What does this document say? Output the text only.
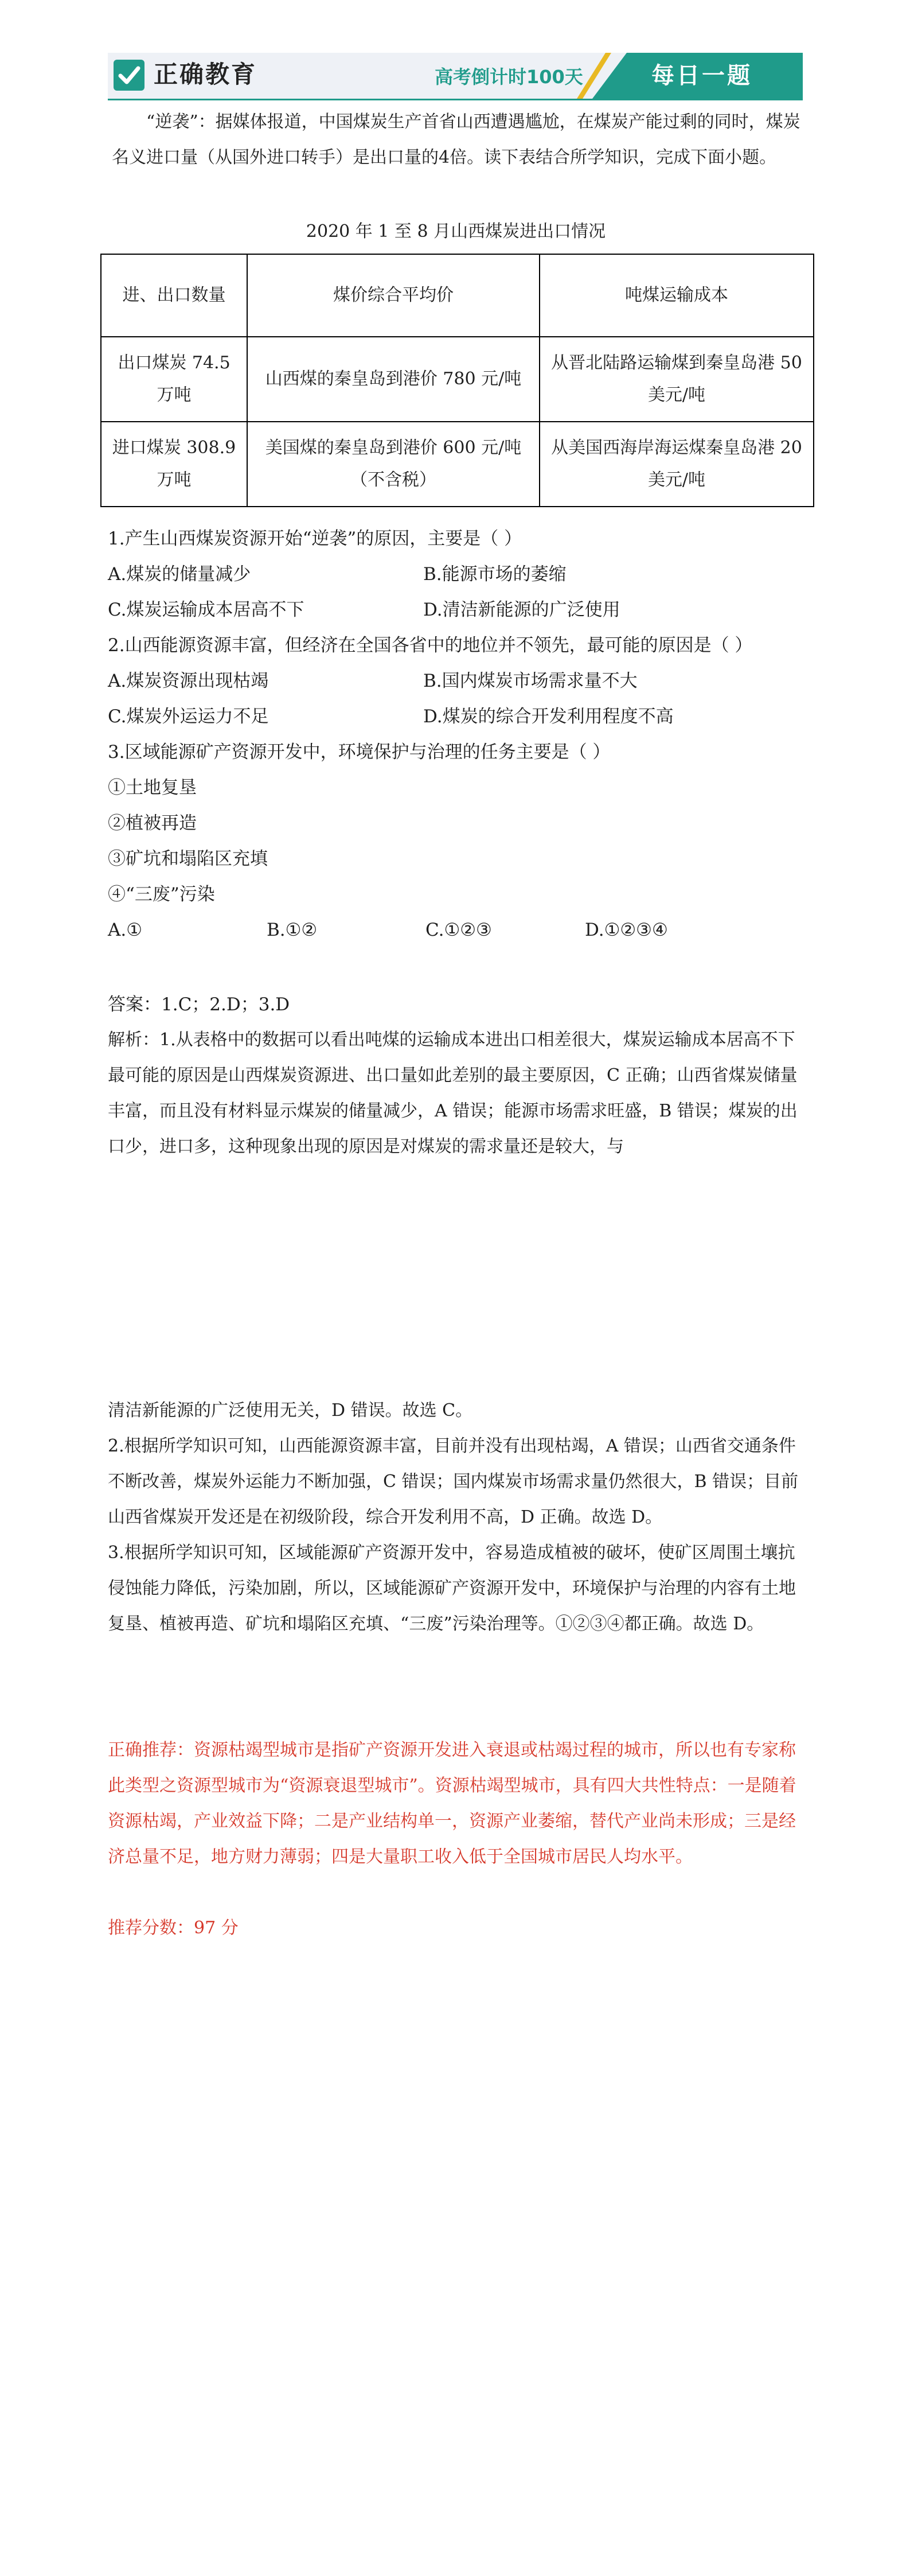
正确教育	高考倒计时100天	每日一题

“逆袭”：据媒体报道，中国煤炭生产首省山西遭遇尴尬，在煤炭产能过剩的同时，煤炭名义进口量（从国外进口转手）是出口量的4倍。读下表结合所学知识，完成下面小题。

2020 年 1 至 8 月山西煤炭进出口情况
进、出口数量	煤价综合平均价	吨煤运输成本
出口煤炭 74.5 万吨	山西煤的秦皇岛到港价 780 元/吨	从晋北陆路运输煤到秦皇岛港 50 美元/吨
进口煤炭 308.9 万吨	美国煤的秦皇岛到港价 600 元/吨（不含税）	从美国西海岸海运煤秦皇岛港 20 美元/吨
1.产生山西煤炭资源开始“逆袭”的原因，主要是（ ）
A.煤炭的储量减少	B.能源市场的萎缩
C.煤炭运输成本居高不下	D.清洁新能源的广泛使用
2.山西能源资源丰富，但经济在全国各省中的地位并不领先，最可能的原因是（ ）
A.煤炭资源出现枯竭	B.国内煤炭市场需求量不大
C.煤炭外运运力不足	D.煤炭的综合开发利用程度不高
3.区域能源矿产资源开发中，环境保护与治理的任务主要是（ ）
①土地复垦
②植被再造
③矿坑和塌陷区充填
④“三废”污染
A.①	B.①②	C.①②③	D.①②③④
答案：1.C；2.D；3.D

解析：1.从表格中的数据可以看出吨煤的运输成本进出口相差很大，煤炭运输成本居高不下最可能的原因是山西煤炭资源进、出口量如此差别的最主要原因，C 正确；山西省煤炭储量丰富，而且没有材料显示煤炭的储量减少，A 错误；能源市场需求旺盛，B 错误；煤炭的出口少，进口多，这种现象出现的原因是对煤炭的需求量还是较大，与

清洁新能源的广泛使用无关，D 错误。故选 C。

2.根据所学知识可知，山西能源资源丰富，目前并没有出现枯竭，A 错误；山西省交通条件不断改善，煤炭外运能力不断加强，C 错误；国内煤炭市场需求量仍然很大，B 错误；目前山西省煤炭开发还是在初级阶段，综合开发利用不高，D 正确。故选 D。

3.根据所学知识可知，区域能源矿产资源开发中，容易造成植被的破坏，使矿区周围土壤抗侵蚀能力降低，污染加剧，所以，区域能源矿产资源开发中，环境保护与治理的内容有土地复垦、植被再造、矿坑和塌陷区充填、“三废”污染治理等。①②③④都正确。故选 D。

正确推荐：资源枯竭型城市是指矿产资源开发进入衰退或枯竭过程的城市，所以也有专家称此类型之资源型城市为“资源衰退型城市”。资源枯竭型城市，具有四大共性特点：一是随着资源枯竭，产业效益下降；二是产业结构单一，资源产业萎缩，替代产业尚未形成；三是经济总量不足，地方财力薄弱；四是大量职工收入低于全国城市居民人均水平。

推荐分数：97 分
